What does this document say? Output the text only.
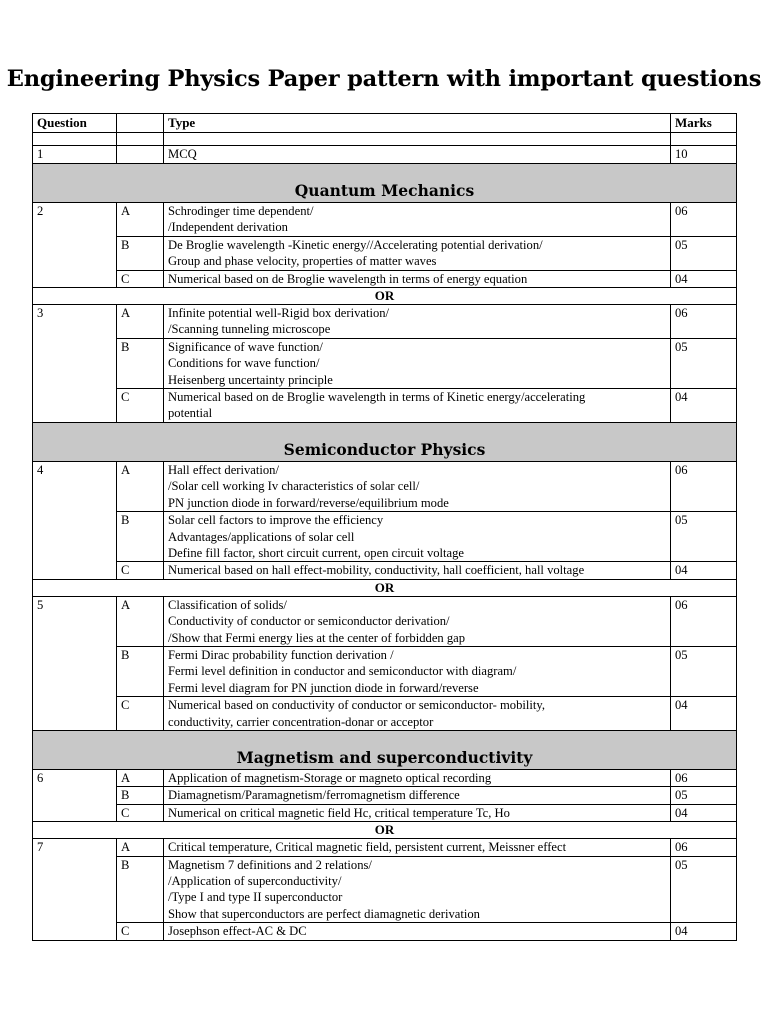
Engineering Physics Paper pattern with important questions
Question		Type	Marks

1		MCQ	10

Quantum Mechanics			

2	A	Schrodinger time dependent/
/Independent derivation	06
	B	De Broglie wavelength -Kinetic energy//Accelerating potential derivation/
Group and phase velocity, properties of matter waves	05
	C	Numerical based on de Broglie wavelength in terms of energy equation	04
OR			
3	A	Infinite potential well-Rigid box derivation/
/Scanning tunneling microscope	06
	B	Significance of wave function/
Conditions for wave function/
Heisenberg uncertainty principle	05
	C	Numerical based on de Broglie wavelength in terms of Kinetic energy/accelerating
potential	04

Semiconductor Physics			

4	A	Hall effect derivation/
/Solar cell working Iv characteristics of solar cell/
PN junction diode in forward/reverse/equilibrium mode	06
	B	Solar cell factors to improve the efficiency
Advantages/applications of solar cell
Define fill factor, short circuit current, open circuit voltage	05
	C	Numerical based on hall effect-mobility, conductivity, hall coefficient, hall voltage	04
OR			
5	A	Classification of solids/
Conductivity of conductor or semiconductor derivation/
/Show that Fermi energy lies at the center of forbidden gap	06
	B	Fermi Dirac probability function derivation /
Fermi level definition in conductor and semiconductor with diagram/
Fermi level diagram for PN junction diode in forward/reverse	05
	C	Numerical based on conductivity of conductor or semiconductor- mobility,
conductivity, carrier concentration-donar or acceptor	04

Magnetism and superconductivity			

6	A	Application of magnetism-Storage or magneto optical recording	06
	B	Diamagnetism/Paramagnetism/ferromagnetism difference	05
	C	Numerical on critical magnetic field Hc, critical temperature Tc, Ho	04
OR			
7	A	Critical temperature, Critical magnetic field, persistent current, Meissner effect	06
	B	Magnetism 7 definitions and 2 relations/
/Application of superconductivity/
/Type I and type II superconductor
Show that superconductors are perfect diamagnetic derivation	05
	C	Josephson effect-AC & DC	04
